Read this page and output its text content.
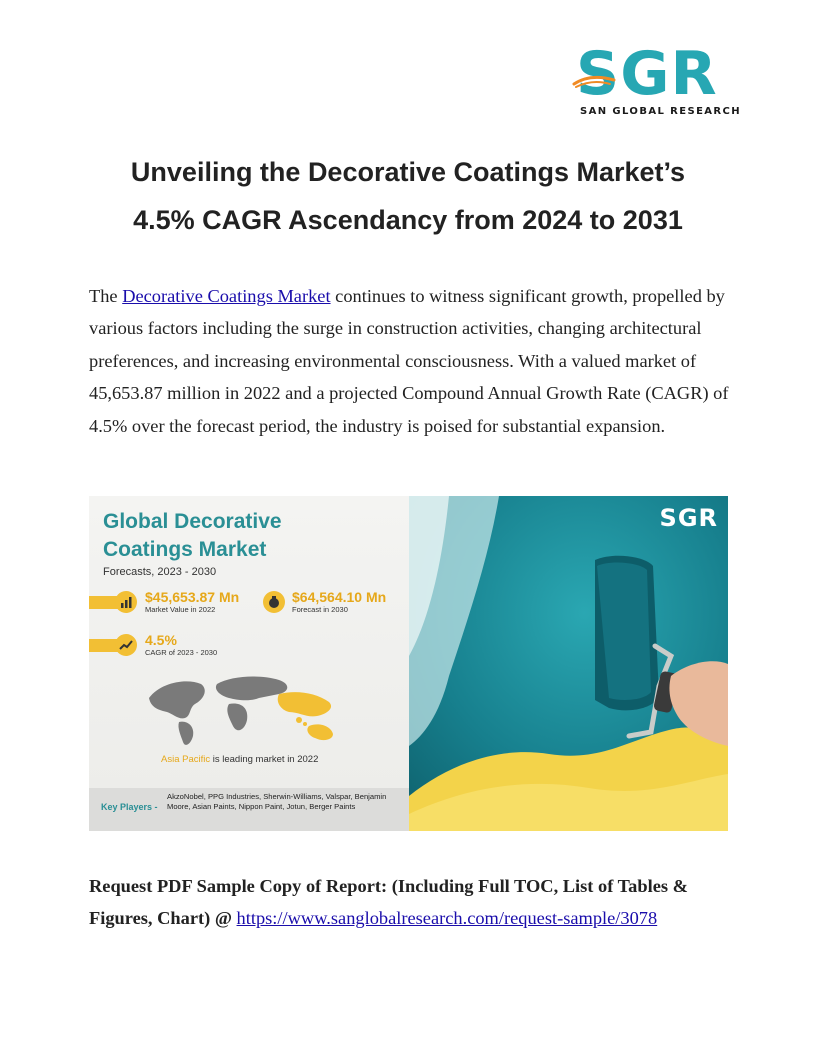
SGR
SAN GLOBAL RESEARCH
Unveiling the Decorative Coatings Market’s
4.5% CAGR Ascendancy from 2024 to 2031
The Decorative Coatings Market continues to witness significant growth, propelled by various factors including the surge in construction activities, changing architectural preferences, and increasing environmental consciousness. With a valued market of 45,653.87 million in 2022 and a projected Compound Annual Growth Rate (CAGR) of 4.5% over the forecast period, the industry is poised for substantial expansion.
Global Decorative
Coatings Market
Forecasts, 2023 - 2030
$45,653.87 Mn
Market Value in 2022
$64,564.10 Mn
Forecast in 2030
4.5%
CAGR of 2023 - 2030
Asia Pacific is leading market in 2022
Key Players -
AkzoNobel, PPG Industries, Sherwin-Williams, Valspar, Benjamin Moore, Asian Paints, Nippon Paint, Jotun, Berger Paints
SGR
Request PDF Sample Copy of Report: (Including Full TOC, List of Tables & Figures, Chart) @ https://www.sanglobalresearch.com/request-sample/3078
